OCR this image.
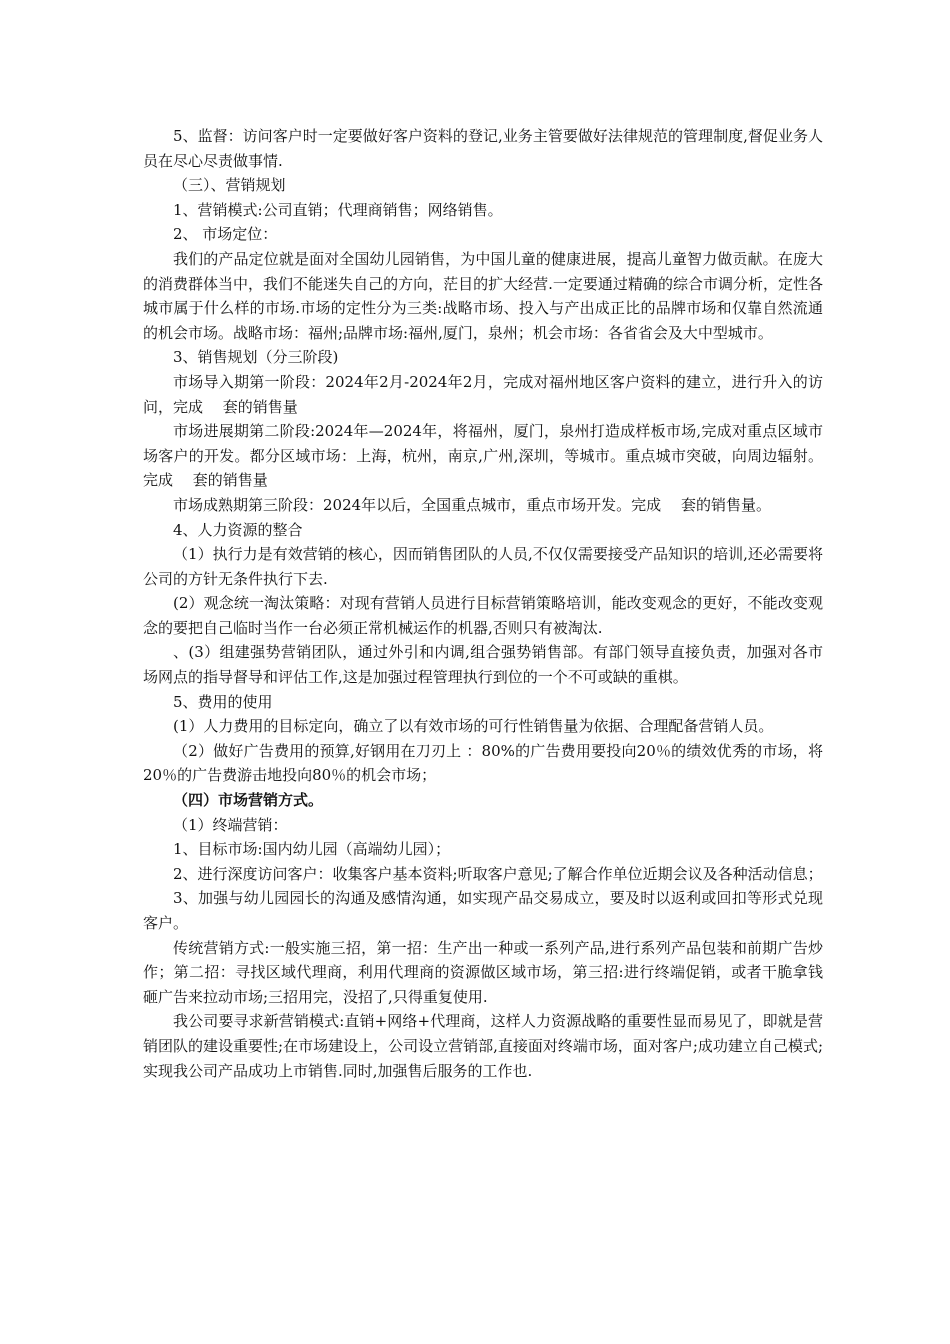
5、监督：访问客户时一定要做好客户资料的登记,业务主管要做好法律规范的管理制度,督促业务人员在尽心尽责做事情.

（三）、营销规划

1、营销模式:公司直销；代理商销售；网络销售。

2、 市场定位：

我们的产品定位就是面对全国幼儿园销售，为中国儿童的健康进展，提高儿童智力做贡献。在庞大的消费群体当中，我们不能迷失自己的方向，茫目的扩大经营.一定要通过精确的综合市调分析，定性各城市属于什么样的市场.市场的定性分为三类:战略市场、投入与产出成正比的品牌市场和仅靠自然流通的机会市场。战略市场：福州;品牌市场:福州,厦门，泉州；机会市场：各省省会及大中型城市。

3、销售规划（分三阶段)

市场导入期第一阶段：2024年2月-2024年2月，完成对福州地区客户资料的建立，进行升入的访问，完成　 套的销售量

市场进展期第二阶段:2024年—2024年，将福州，厦门，泉州打造成样板市场,完成对重点区域市场客户的开发。都分区域市场：上海，杭州，南京,广州,深圳，等城市。重点城市突破，向周边辐射。完成　 套的销售量

市场成熟期第三阶段：2024年以后，全国重点城市，重点市场开发。完成　 套的销售量。

4、人力资源的整合

（1）执行力是有效营销的核心，因而销售团队的人员,不仅仅需要接受产品知识的培训,还必需要将公司的方针无条件执行下去.

(2）观念统一淘汰策略：对现有营销人员进行目标营销策略培训，能改变观念的更好，不能改变观念的要把自己临时当作一台必须正常机械运作的机器,否则只有被淘汰.

、(3）组建强势营销团队，通过外引和内调,组合强势销售部。有部门领导直接负责，加强对各市场网点的指导督导和评估工作,这是加强过程管理执行到位的一个不可或缺的重棋。

5、费用的使用

(1）人力费用的目标定向，确立了以有效市场的可行性销售量为依据、合理配备营销人员。

（2）做好广告费用的预算,好钢用在刀刃上 ：80%的广告费用要投向20％的绩效优秀的市场，将20％的广告费游击地投向80％的机会市场；

（四）市场营销方式。

（1）终端营销：

1、目标市场:国内幼儿园（高端幼儿园）；

2、进行深度访问客户：收集客户基本资料;听取客户意见;了解合作单位近期会议及各种活动信息；

3、加强与幼儿园园长的沟通及感情沟通，如实现产品交易成立，要及时以返利或回扣等形式兑现客户。

传统营销方式:一般实施三招，第一招：生产出一种或一系列产品,进行系列产品包装和前期广告炒作；第二招：寻找区域代理商，利用代理商的资源做区域市场，第三招:进行终端促销，或者干脆拿钱砸广告来拉动市场;三招用完，没招了,只得重复使用.

我公司要寻求新营销模式:直销+网络+代理商，这样人力资源战略的重要性显而易见了，即就是营销团队的建设重要性;在市场建设上，公司设立营销部,直接面对终端市场，面对客户;成功建立自己模式;实现我公司产品成功上市销售.同时,加强售后服务的工作也.
